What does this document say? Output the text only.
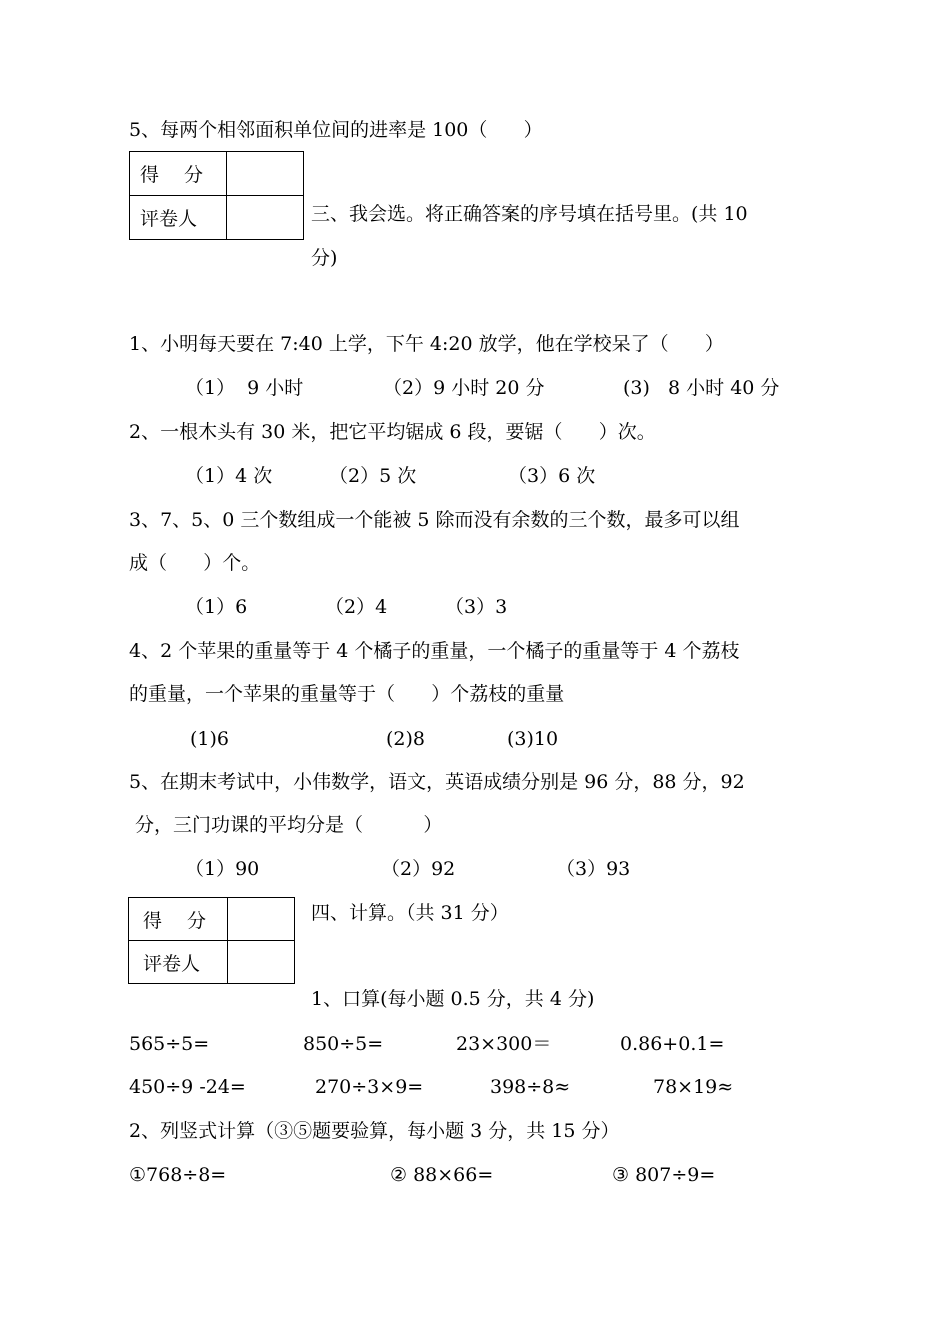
5、每两个相邻面积单位间的进率是 100（      ）
得　 分	
评卷人		三、我会选。将正确答案的序号填在括号里。(共 10
分)
1、小明每天要在 7:40 上学，下午 4:20 放学，他在学校呆了（      ）
（1）  9 小时	（2）9 小时 20 分	(3)   8 小时 40 分
2、一根木头有 30 米，把它平均锯成 6 段，要锯（      ）次。
（1）4 次	（2）5 次	（3）6 次
3、7、5、0 三个数组成一个能被 5 除而没有余数的三个数，最多可以组
成（      ）个。
（1）6	（2）4	（3）3
4、2 个苹果的重量等于 4 个橘子的重量，一个橘子的重量等于 4 个荔枝
的重量，一个苹果的重量等于（      ）个荔枝的重量
(1)6	(2)8	(3)10
5、在期末考试中，小伟数学，语文，英语成绩分别是 96 分，88 分，92
分，三门功课的平均分是（          ）
（1）90	（2）92	（3）93
得　 分	
评卷人	
四、计算。（共 31 分）
1、口算(每小题 0.5 分，共 4 分)
565÷5=	850÷5=	23×300＝	0.86+0.1=
450÷9 -24=	270÷3×9=	398÷8≈	78×19≈
2、列竖式计算（③⑤题要验算，每小题 3 分，共 15 分）
①768÷8=	② 88×66=	③ 807÷9=
